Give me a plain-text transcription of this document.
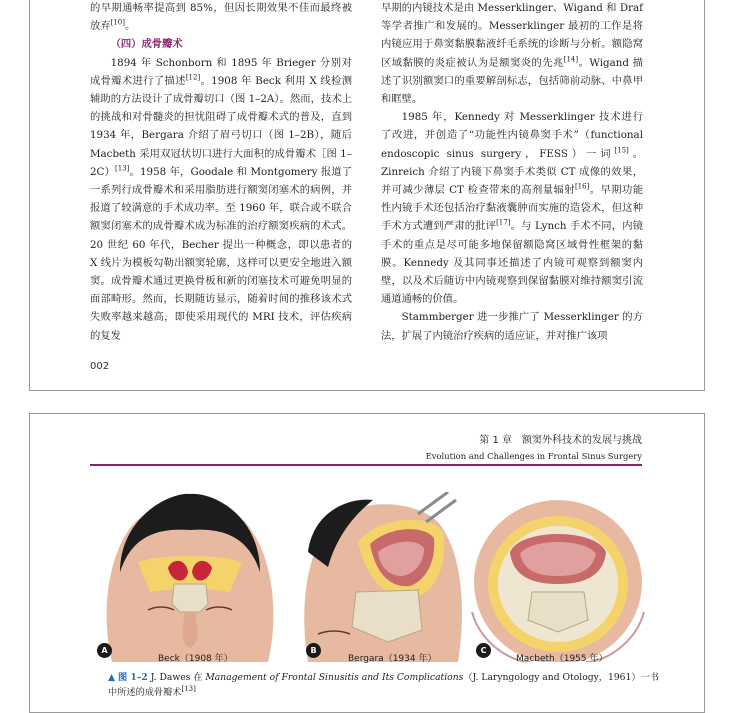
的早期通畅率提高到 85%，但因长期效果不佳而最终被放弃[10]。

（四）成骨瓣术

1894 年 Schonborn 和 1895 年 Brieger 分别对成骨瓣术进行了描述[12]。1908 年 Beck 利用 X 线检测辅助的方法设计了成骨瓣切口（图 1–2A）。然而，技术上的挑战和对骨髓炎的担忧阻碍了成骨瓣术式的普及，直到 1934 年，Bergara 介绍了眉弓切口（图 1–2B），随后 Macbeth 采用双冠状切口进行大面积的成骨瓣术［图 1–2C）[13]。1958 年，Goodale 和 Montgomery 报道了一系列行成骨瓣术和采用脂肪进行额窦闭塞术的病例，并报道了较满意的手术成功率。至 1960 年，联合或不联合额窦闭塞术的成骨瓣术成为标准的治疗额窦疾病的术式。20 世纪 60 年代，Becher 提出一种概念，即以患者的 X 线片为模板勾勒出额窦轮廓，这样可以更安全地进入额窦。成骨瓣术通过更换骨板和新的闭塞技术可避免明显的面部畸形。然而，长期随访显示，随着时间的推移该术式失败率越来越高，即使采用现代的 MRI 技术，评估疾病的复发

早期的内镜技术是由 Messerklinger、Wigand 和 Draf 等学者推广和发展的。Messerklinger 最初的工作是将内镜应用于鼻窦黏膜黏液纤毛系统的诊断与分析。额隐窝区域黏膜的炎症被认为是额窦炎的先兆[14]。Wigand 描述了识别额窦口的重要解剖标志，包括筛前动脉、中鼻甲和眶壁。

1985 年，Kennedy 对 Messerklinger 技术进行了改进，并创造了“功能性内镜鼻窦手术”（functional endoscopic sinus surgery，FESS）一词[15]。Zinreich 介绍了内镜下鼻窦手术类似 CT 成像的效果，并可减少薄层 CT 检查带来的高剂量辐射[16]。早期功能性内镜手术还包括治疗黏液囊肿而实施的造袋术，但这种手术方式遭到严肃的批评[17]。与 Lynch 手术不同，内镜手术的重点是尽可能多地保留额隐窝区域骨性框架的黏膜。Kennedy 及其同事还描述了内镜可观察到额窦内壁，以及术后随访中内镜观察到保留黏膜对维持额窦引流通道通畅的价值。

Stammberger 进一步推广了 Messerklinger 的方法，扩展了内镜治疗疾病的适应证，并对推广该项

002
第 1 章　额窦外科技术的发展与挑战
Evolution and Challenges in Frontal Sinus Surgery
A
Beck（1908 年）
B
Bergara（1934 年）
C
Macbeth（1955 年）
▲ 图 1–2 J. Dawes 在 Management of Frontal Sinusitis and Its Complications（J. Laryngology and Otology，1961）一书中所述的成骨瓣术[13]
